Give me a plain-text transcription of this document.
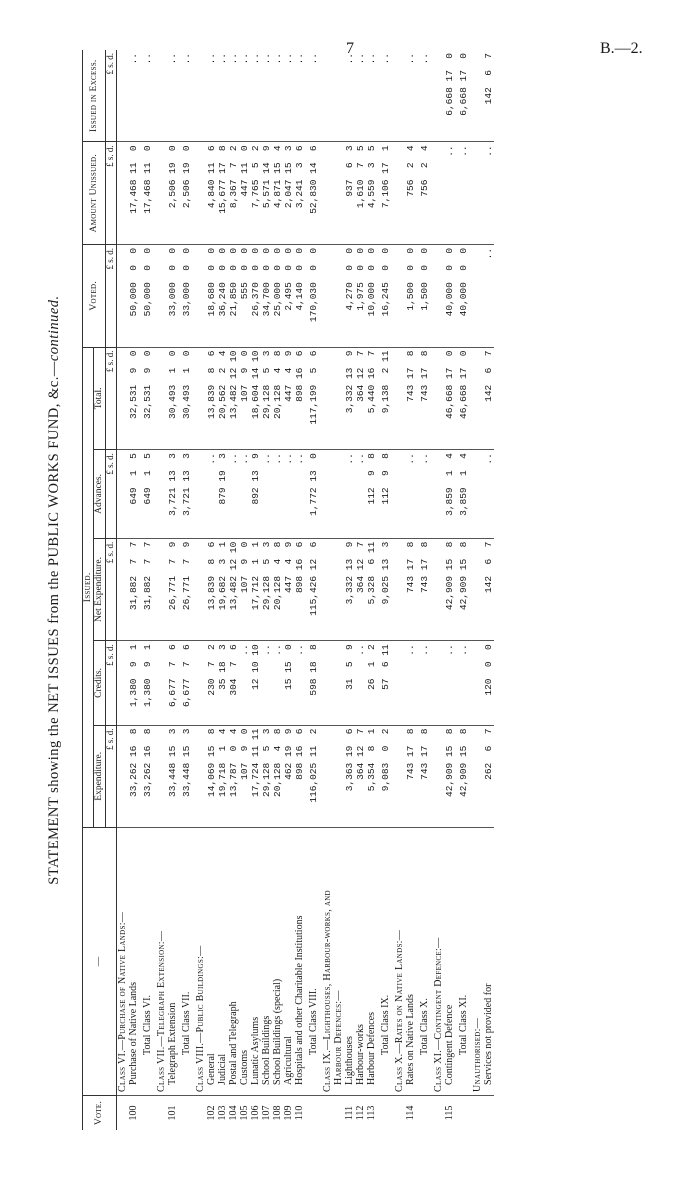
7	B.—2.
STATEMENT showing the NET ISSUES from the PUBLIC WORKS FUND, &c.—continued.
Vote.	—	Issued.					Voted.	Amount Unissued.	Issued in Excess.
		Expenditure.	Credits.	Net Expenditure.	Advances.	Total.			
		£ s. d.	£ s. d.	£ s. d.	£ s. d.	£ s. d.	£ s. d.	£ s. d.	£ s. d.
	Class VI.—Purchase of Native Lands:—								
100	Purchase of Native Lands	33,262 16  8	1,380  9  1	31,882  7  7	649  1  5	32,531  9  0	50,000  0  0	17,468 11  0	..
	Total Class VI.	33,262 16  8	1,380  9  1	31,882  7  7	649  1  5	32,531  9  0	50,000  0  0	17,468 11  0	..
	Class VII.—Telegraph Extension:—								
101	Telegraph Extension	33,448 15  3	6,677  7  6	26,771  7  9	3,721 13  3	30,493  1  0	33,000  0  0	2,506 19  0	..
	Total Class VII.	33,448 15  3	6,677  7  6	26,771  7  9	3,721 13  3	30,493  1  0	33,000  0  0	2,506 19  0	..
	Class VIII.—Public Buildings:—								
102	General	14,069 15  8	230  7  2	13,839  8  6	..	13,839  8  6	18,680  0  0	4,840 11  6	..
103	Judicial	19,718  1  4	35 18  3	19,682  3  1	879 19  3	20,562  2  4	36,240  0  0	15,677 17  8	..
104	Postal and Telegraph	13,787  0  4	304  7  6	13,482 12 10	..	13,482 12 10	21,850  0  0	8,367  7  2	..
105	Customs	107  9  0	..	107  9  0	..	107  9  0	555  0  0	447 11  0	..
106	Lunatic Asylums	17,724 11 11	12 10 10	17,712  1  1	892 13  9	18,604 14 10	26,370  0  0	7,765  5  2	..
107	School Buildings	29,128  5  3	..	29,128  5  3	..	29,128  5  3	34,700  0  0	5,571 14  9	..
108	School Buildings (special)	20,128  4  8	..	20,128  4  8	..	20,128  4  8	25,000  0  0	4,871 15  4	..
109	Agricultural	462 19  9	15 15  0	447  4  9	..	447  4  9	2,495  0  0	2,047 15  3	..
110	Hospitals and other Charitable Institutions	898 16  6	..	898 16  6	..	898 16  6	4,140  0  0	3,241  3  6	..
	Total Class VIII.	116,025 11  2	598 18  8	115,426 12  6	1,772 13  0	117,199  5  6	170,030  0  0	52,830 14  6	..
	Class IX.—Lighthouses, Harbour-works, and								
	Harbour Defences:—								
111	Lighthouses	3,363 19  6	31  5  9	3,332 13  9	..	3,332 13  9	4,270  0  0	937  6  3	..
112	Harbour-works	364 12  7	..	364 12  7	..	364 12  7	1,975  0  0	1,610  7  5	..
113	Harbour Defences	5,354  8  1	26  1  2	5,328  6 11	112  9  8	5,440 16  7	10,000  0  0	4,559  3  5	..
	Total Class IX.	9,083  0  2	57  6 11	9,025 13  3	112  9  8	9,138  2 11	16,245  0  0	7,106 17  1	..
	Class X.—Rates on Native Lands:—								
114	Rates on Native Lands	743 17  8	..	743 17  8	..	743 17  8	1,500  0  0	756  2  4	..
	Total Class X.	743 17  8	..	743 17  8	..	743 17  8	1,500  0  0	756  2  4	..
	Class XI.—Contingent Defence:—								
115	Contingent Defence	42,909 15  8	..	42,909 15  8	3,859  1  4	46,668 17  0	40,000  0  0	..	6,668 17  0
	Total Class XI.	42,909 15  8	..	42,909 15  8	3,859  1  4	46,668 17  0	40,000  0  0	..	6,668 17  0
	Unauthorised:—								
	Services not provided for	262  6  7	120  0  0	142  6  7	..	142  6  7	..	..	142  6  7
